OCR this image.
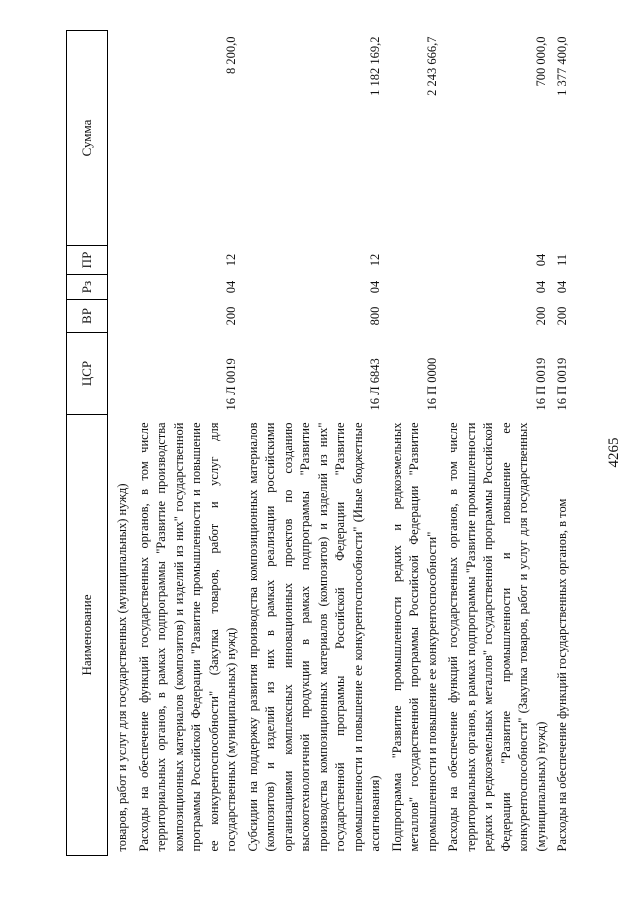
4265
Наименование	ЦСР	ВР	Рз	ПР	Сумма
товаров, работ и услуг для государственных (муниципальных) нужд)					
Расходы на обеспечение функций государственных органов, в том числе территориальных органов, в рамках подпрограммы "Развитие производства композиционных материалов (композитов) и изделий из них" государственной программы Российской Федерации "Развитие промышленности и повышение ее конкурентоспособности" (Закупка товаров, работ и услуг для государственных (муниципальных) нужд)	16 Л 0019	200	04	12	8 200,0
Субсидии на поддержку развития производства композиционных материалов (композитов) и изделий из них в рамках реализации российскими организациями комплексных инновационных проектов по созданию высокотехнологичной продукции в рамках подпрограммы "Развитие производства композиционных материалов (композитов) и изделий из них" государственной программы Российской Федерации "Развитие промышленности и повышение ее конкурентоспособности" (Иные бюджетные ассигнования)	16 Л 6843	800	04	12	1 182 169,2
Подпрограмма "Развитие промышленности редких и редкоземельных металлов" государственной программы Российской Федерации "Развитие промышленности и повышение ее конкурентоспособности"	16 П 0000				2 243 666,7
Расходы на обеспечение функций государственных органов, в том числе территориальных органов, в рамках подпрограммы "Развитие промышленности редких и редкоземельных металлов" государственной программы Российской Федерации "Развитие промышленности и повышение ее конкурентоспособности" (Закупка товаров, работ и услуг для государственных (муниципальных) нужд)	16 П 0019	200	04	04	700 000,0
Расходы на обеспечение функций государственных органов, в том	16 П 0019	200	04	11	1 377 400,0
